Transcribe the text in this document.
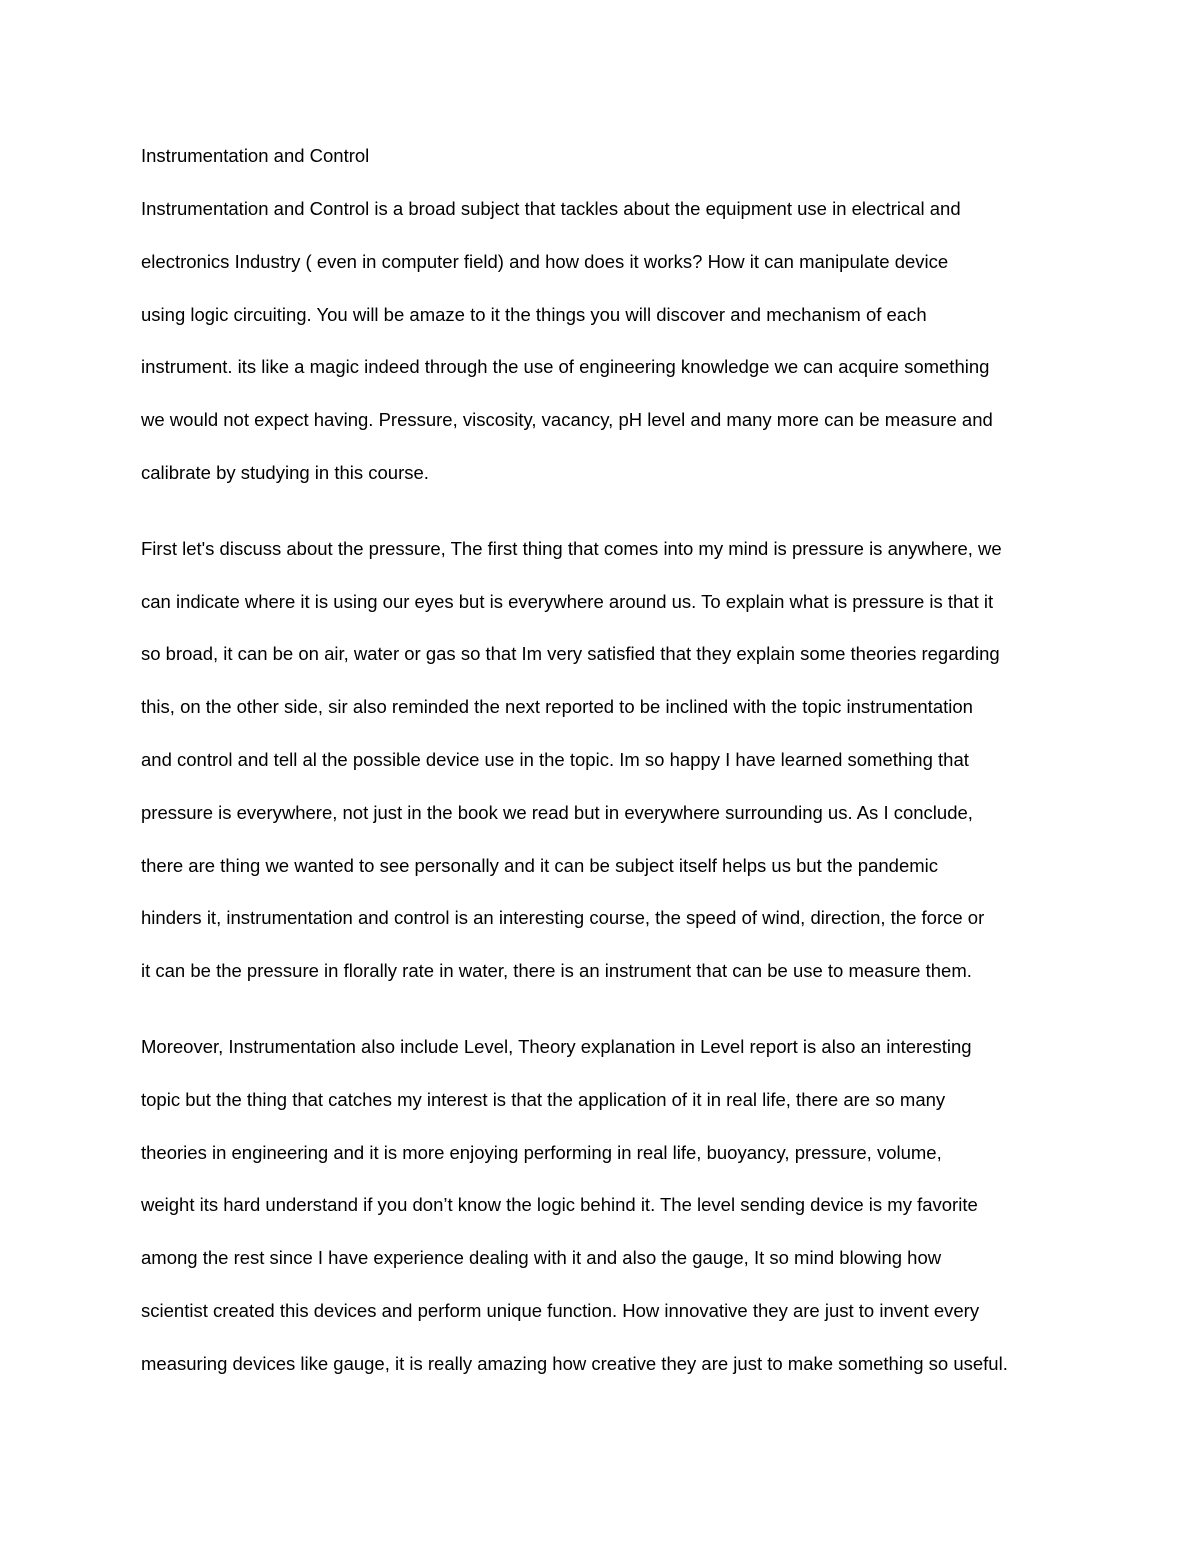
Instrumentation and Control

Instrumentation and Control is a broad subject that tackles about the equipment use in electrical and
electronics Industry ( even in computer field) and how does it works? How it can manipulate device
using logic circuiting. You will be amaze to it the things you will discover and mechanism of each
instrument. its like a magic indeed through the use of engineering knowledge we can acquire something
we would not expect having. Pressure, viscosity, vacancy, pH level and many more can be measure and
calibrate by studying in this course.

First let's discuss about the pressure, The first thing that comes into my mind is pressure is anywhere, we
can indicate where it is using our eyes but is everywhere around us. To explain what is pressure is that it
so broad, it can be on air, water or gas so that Im very satisfied that they explain some theories regarding
this, on the other side, sir also reminded the next reported to be inclined with the topic instrumentation
and control and tell al the possible device use in the topic. Im so happy I have learned something that
pressure is everywhere, not just in the book we read but in everywhere surrounding us. As I conclude,
there are thing we wanted to see personally and it can be subject itself helps us but the pandemic
hinders it, instrumentation and control is an interesting course, the speed of wind, direction, the force or
it can be the pressure in florally rate in water, there is an instrument that can be use to measure them.

Moreover, Instrumentation also include Level, Theory explanation in Level report is also an interesting
topic but the thing that catches my interest is that the application of it in real life, there are so many
theories in engineering and it is more enjoying performing in real life, buoyancy, pressure, volume,
weight its hard understand if you don’t know the logic behind it. The level sending device is my favorite
among the rest since I have experience dealing with it and also the gauge, It so mind blowing how
scientist created this devices and perform unique function. How innovative they are just to invent every
measuring devices like gauge, it is really amazing how creative they are just to make something so useful.
